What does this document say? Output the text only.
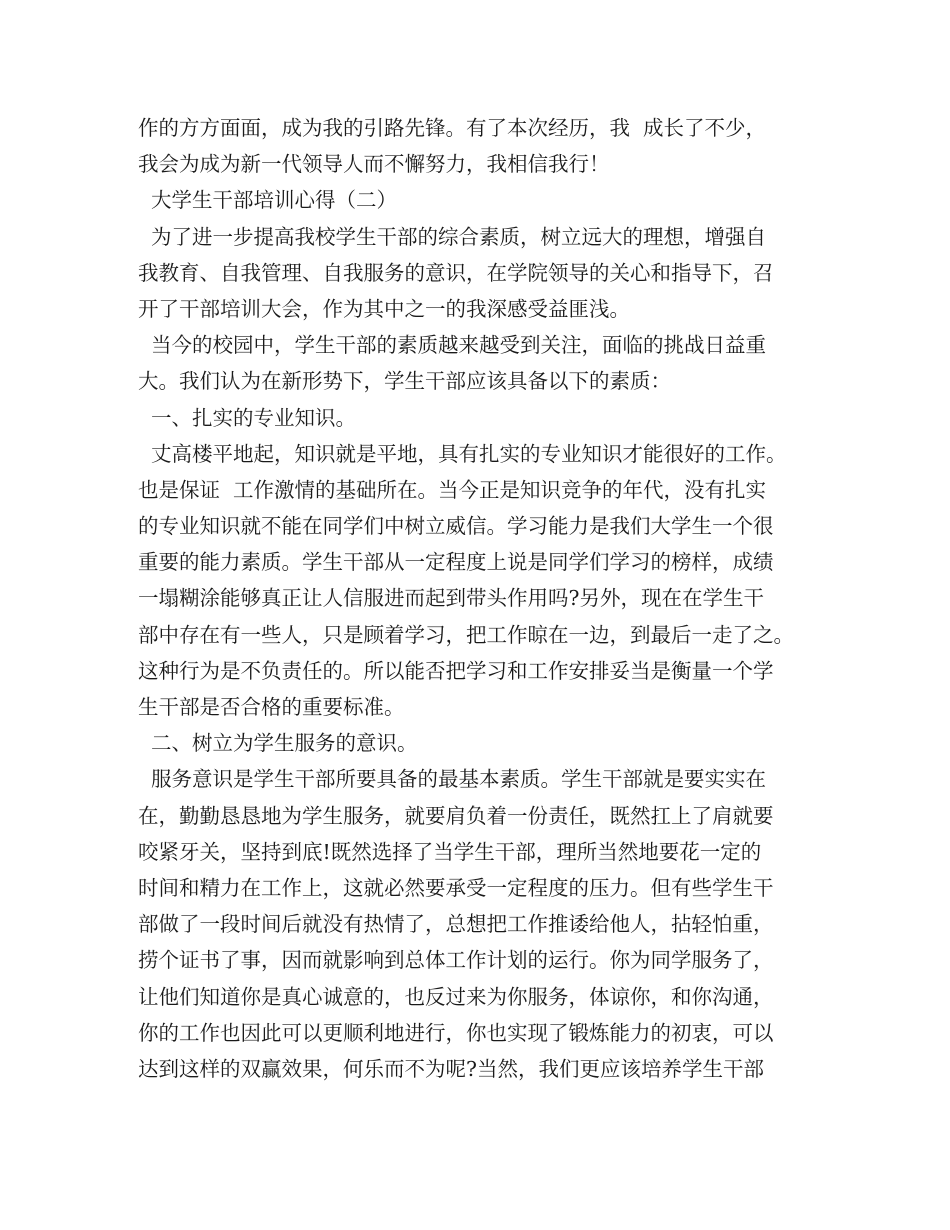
作的方方面面，成为我的引路先锋。有了本次经历，我  成长了不少，
我会为成为新一代领导人而不懈努力，我相信我行！
大学生干部培训心得（二）
为了进一步提高我校学生干部的综合素质，树立远大的理想，增强自
我教育、自我管理、自我服务的意识，在学院领导的关心和指导下，召
开了干部培训大会，作为其中之一的我深感受益匪浅。
当今的校园中，学生干部的素质越来越受到关注，面临的挑战日益重
大。我们认为在新形势下，学生干部应该具备以下的素质：
一、扎实的专业知识。
丈高楼平地起，知识就是平地，具有扎实的专业知识才能很好的工作。
也是保证  工作激情的基础所在。当今正是知识竞争的年代，没有扎实
的专业知识就不能在同学们中树立威信。学习能力是我们大学生一个很
重要的能力素质。学生干部从一定程度上说是同学们学习的榜样，成绩
一塌糊涂能够真正让人信服进而起到带头作用吗?另外，现在在学生干
部中存在有一些人，只是顾着学习，把工作晾在一边，到最后一走了之。
这种行为是不负责任的。所以能否把学习和工作安排妥当是衡量一个学
生干部是否合格的重要标准。
二、树立为学生服务的意识。
服务意识是学生干部所要具备的最基本素质。学生干部就是要实实在
在，勤勤恳恳地为学生服务，就要肩负着一份责任，既然扛上了肩就要
咬紧牙关，坚持到底!既然选择了当学生干部，理所当然地要花一定的
时间和精力在工作上，这就必然要承受一定程度的压力。但有些学生干
部做了一段时间后就没有热情了，总想把工作推诿给他人，拈轻怕重，
捞个证书了事，因而就影响到总体工作计划的运行。你为同学服务了，
让他们知道你是真心诚意的，也反过来为你服务，体谅你，和你沟通，
你的工作也因此可以更顺利地进行，你也实现了锻炼能力的初衷，可以
达到这样的双赢效果，何乐而不为呢?当然，我们更应该培养学生干部
